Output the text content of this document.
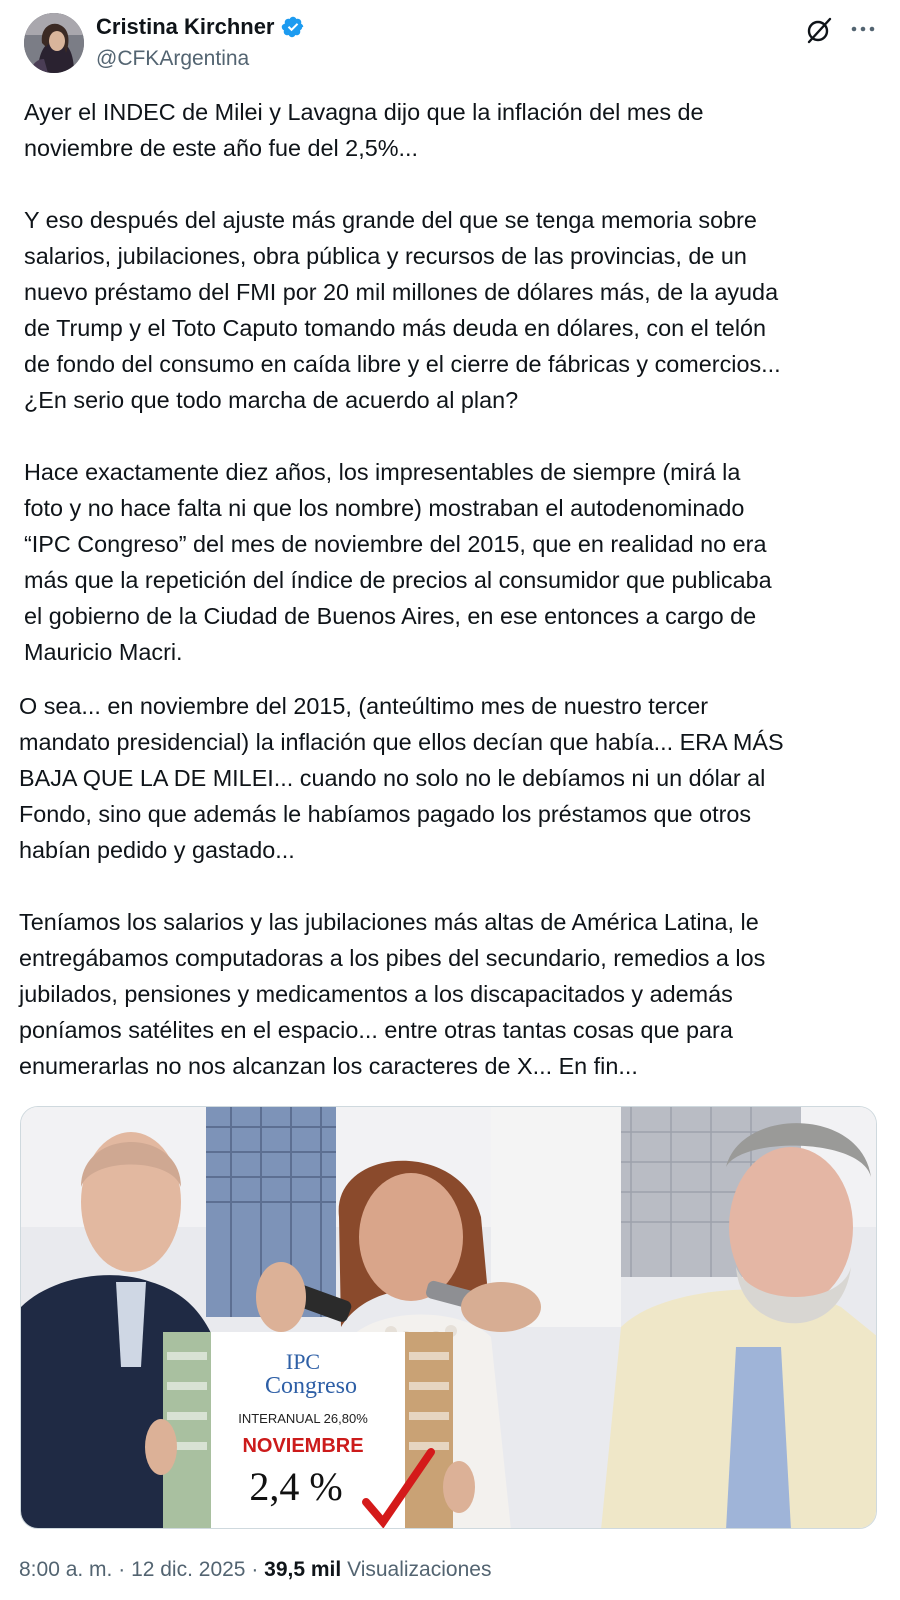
Cristina Kirchner
@CFKArgentina
Ayer el INDEC de Milei y Lavagna dijo que la inflación del mes de
noviembre de este año fue del 2,5%...

Y eso después del ajuste más grande del que se tenga memoria sobre
salarios, jubilaciones, obra pública y recursos de las provincias, de un
nuevo préstamo del FMI por 20 mil millones de dólares más, de la ayuda
de Trump y el Toto Caputo tomando más deuda en dólares, con el telón
de fondo del consumo en caída libre y el cierre de fábricas y comercios...
¿En serio que todo marcha de acuerdo al plan?

Hace exactamente diez años, los impresentables de siempre (mirá la
foto y no hace falta ni que los nombre) mostraban el autodenominado
“IPC Congreso” del mes de noviembre del 2015, que en realidad no era
más que la repetición del índice de precios al consumidor que publicaba
el gobierno de la Ciudad de Buenos Aires, en ese entonces a cargo de
Mauricio Macri.
O sea... en noviembre del 2015, (anteúltimo mes de nuestro tercer
mandato presidencial) la inflación que ellos decían que había... ERA MÁS
BAJA QUE LA DE MILEI... cuando no solo no le debíamos ni un dólar al
Fondo, sino que además le habíamos pagado los préstamos que otros
habían pedido y gastado...

Teníamos los salarios y las jubilaciones más altas de América Latina, le
entregábamos computadoras a los pibes del secundario, remedios a los
jubilados, pensiones y medicamentos a los discapacitados y además
poníamos satélites en el espacio... entre otras tantas cosas que para
enumerarlas no nos alcanzan los caracteres de X... En fin...
IPC
Congreso
INTERANUAL 26,80%
NOVIEMBRE
2,4 %
8:00 a. m. · 12 dic. 2025 · 39,5 mil Visualizaciones
